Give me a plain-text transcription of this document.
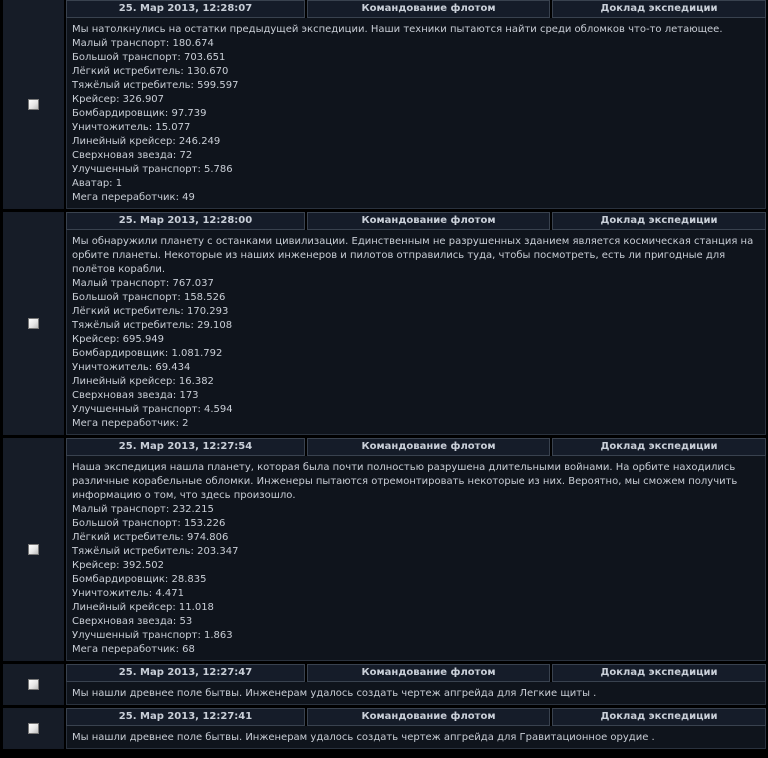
25. Мар 2013, 12:28:07	Командование флотом	Доклад экспедиции

Мы натолкнулись на остатки предыдущей экспедиции. Наши техники пытаются найти среди обломков что-то летающее.

Малый транспорт: 180.674
Большой транспорт: 703.651
Лёгкий истребитель: 130.670
Тяжёлый истребитель: 599.597
Крейсер: 326.907
Бомбардировщик: 97.739
Уничтожитель: 15.077
Линейный крейсер: 246.249
Сверхновая звезда: 72
Улучшенный транспорт: 5.786
Аватар: 1
Мега переработчик: 49
25. Мар 2013, 12:28:00	Командование флотом	Доклад экспедиции

Мы обнаружили планету с останками цивилизации. Единственным не разрушенных зданием является космическая станция на орбите планеты. Некоторые из наших инженеров и пилотов отправились туда, чтобы посмотреть, есть ли пригодные для полётов корабли.

Малый транспорт: 767.037
Большой транспорт: 158.526
Лёгкий истребитель: 170.293
Тяжёлый истребитель: 29.108
Крейсер: 695.949
Бомбардировщик: 1.081.792
Уничтожитель: 69.434
Линейный крейсер: 16.382
Сверхновая звезда: 173
Улучшенный транспорт: 4.594
Мега переработчик: 2
25. Мар 2013, 12:27:54	Командование флотом	Доклад экспедиции

Наша экспедиция нашла планету, которая была почти полностью разрушена длительными войнами. На орбите находились различные корабельные обломки. Инженеры пытаются отремонтировать некоторые из них. Вероятно, мы сможем получить информацию о том, что здесь произошло.

Малый транспорт: 232.215
Большой транспорт: 153.226
Лёгкий истребитель: 974.806
Тяжёлый истребитель: 203.347
Крейсер: 392.502
Бомбардировщик: 28.835
Уничтожитель: 4.471
Линейный крейсер: 11.018
Сверхновая звезда: 53
Улучшенный транспорт: 1.863
Мега переработчик: 68
25. Мар 2013, 12:27:47	Командование флотом	Доклад экспедиции

Мы нашли древнее поле бытвы. Инженерам удалось создать чертеж апгрейда для Легкие щиты .

25. Мар 2013, 12:27:41	Командование флотом	Доклад экспедиции

Мы нашли древнее поле бытвы. Инженерам удалось создать чертеж апгрейда для Гравитационное орудие .
